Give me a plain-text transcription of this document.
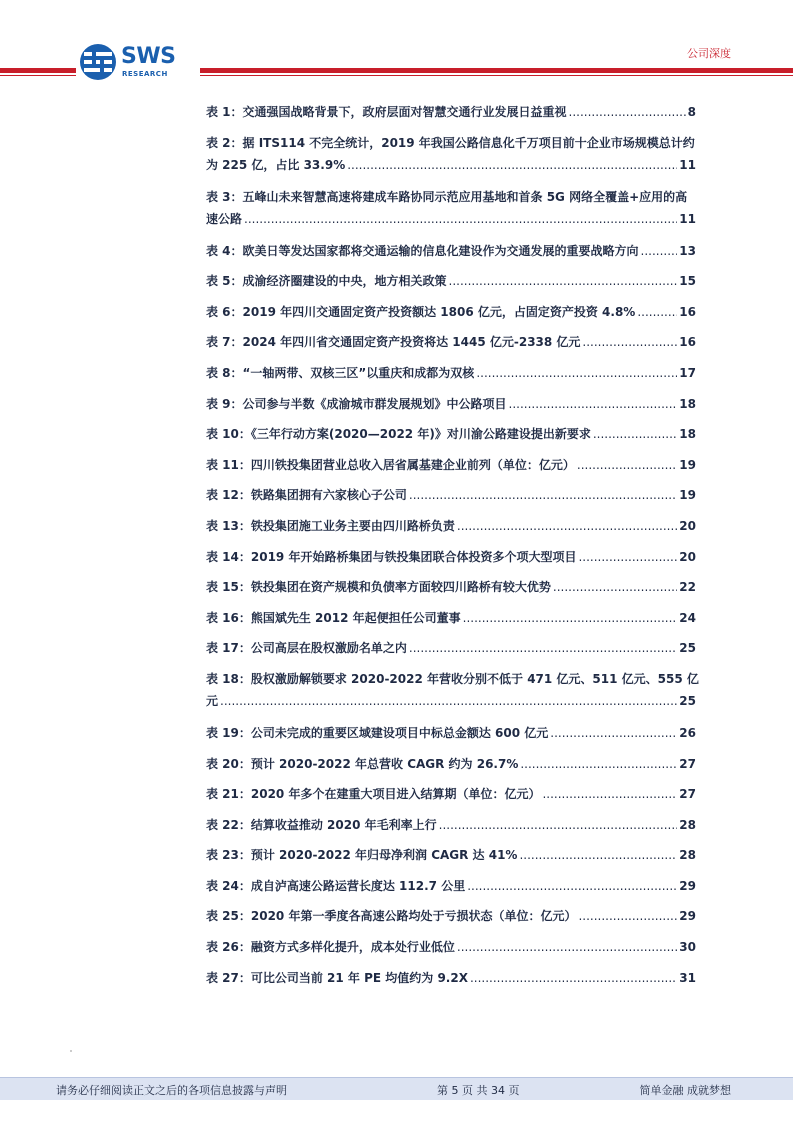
SWS
RESEARCH
公司深度
表 1：交通强国战略背景下，政府层面对智慧交通行业发展日益重视 .....	8
表 2：据 ITS114 不完全统计，2019 年我国公路信息化千万项目前十企业市场规模总计约
为 225 亿，占比 33.9% .....	11
表 3：五峰山未来智慧高速将建成车路协同示范应用基地和首条 5G 网络全覆盖+应用的高
速公路 .....	11
表 4：欧美日等发达国家都将交通运输的信息化建设作为交通发展的重要战略方向 .....	13
表 5：成渝经济圈建设的中央，地方相关政策 .....	15
表 6：2019 年四川交通固定资产投资额达 1806 亿元，占固定资产投资 4.8% .....	16
表 7：2024 年四川省交通固定资产投资将达 1445 亿元-2338 亿元 .....	16
表 8：“一轴两带、双核三区”以重庆和成都为双核 .....	17
表 9：公司参与半数《成渝城市群发展规划》中公路项目 .....	18
表 10：《三年行动方案(2020—2022 年)》对川渝公路建设提出新要求 .....	18
表 11：四川铁投集团营业总收入居省属基建企业前列（单位：亿元） .....	19
表 12：铁路集团拥有六家核心子公司 .....	19
表 13：铁投集团施工业务主要由四川路桥负责 .....	20
表 14：2019 年开始路桥集团与铁投集团联合体投资多个项大型项目 .....	20
表 15：铁投集团在资产规模和负债率方面较四川路桥有较大优势 .....	22
表 16：熊国斌先生 2012 年起便担任公司董事 .....	24
表 17：公司高层在股权激励名单之内 .....	25
表 18：股权激励解锁要求 2020-2022 年营收分别不低于 471 亿元、511 亿元、555 亿
元 .....	25
表 19：公司未完成的重要区域建设项目中标总金额达 600 亿元 .....	26
表 20：预计 2020-2022 年总营收 CAGR 约为 26.7% .....	27
表 21：2020 年多个在建重大项目进入结算期（单位：亿元） .....	27
表 22：结算收益推动 2020 年毛利率上行 .....	28
表 23：预计 2020-2022 年归母净利润 CAGR 达 41% .....	28
表 24：成自泸高速公路运营长度达 112.7 公里 .....	29
表 25：2020 年第一季度各高速公路均处于亏损状态（单位：亿元） .....	29
表 26：融资方式多样化提升，成本处行业低位 .....	30
表 27：可比公司当前 21 年 PE 均值约为 9.2X .....	31
请务必仔细阅读正文之后的各项信息披露与声明	第 5 页 共 34 页	简单金融 成就梦想
